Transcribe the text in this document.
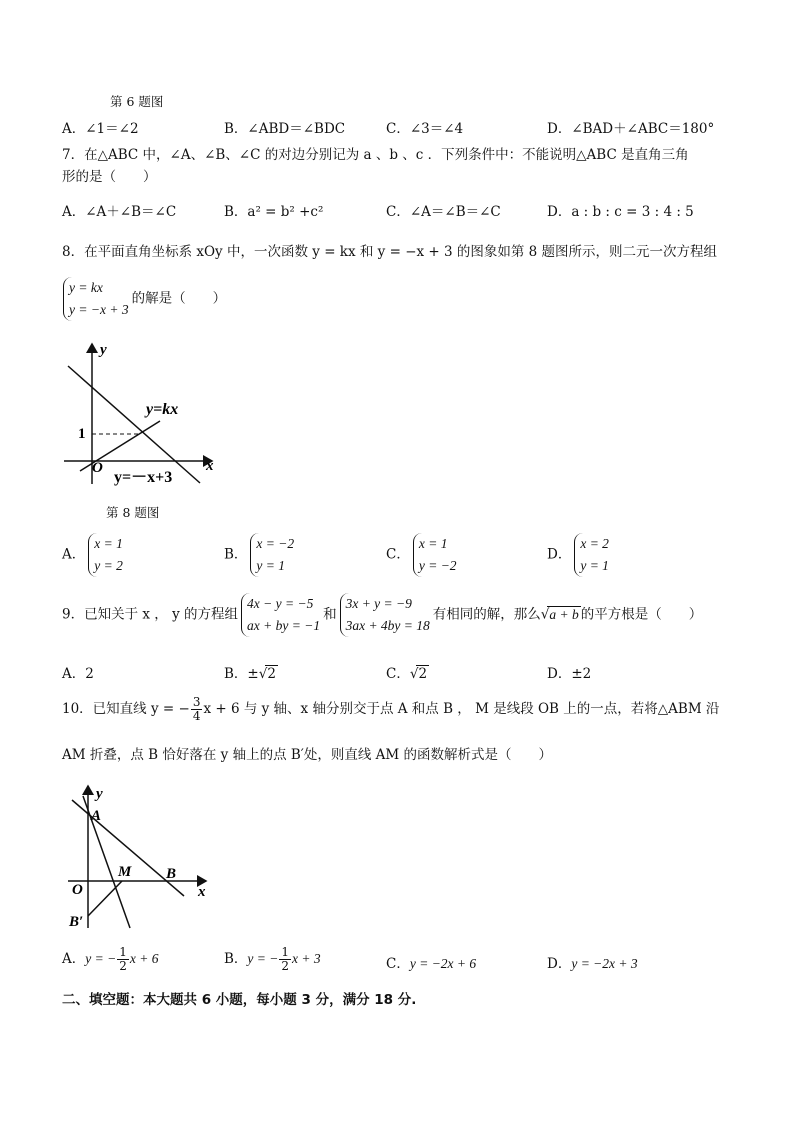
第 6 题图
A．∠1＝∠2	B．∠ABD＝∠BDC	C．∠3＝∠4	D．∠BAD＋∠ABC＝180°
7．在△ABC 中，∠A、∠B、∠C 的对边分别记为 a 、b 、c ．下列条件中：不能说明△ABC 是直角三角
形的是（　　）
A．∠A＋∠B＝∠C	B．a² = b² +c²	C．∠A＝∠B＝∠C	D．a : b : c = 3 : 4 : 5
8．在平面直角坐标系 xOy 中，一次函数 y = kx 和 y = −x + 3 的图象如第 8 题图所示，则二元一次方程组
y = kx
y = −x + 3
的解是（　　）
y
x
O
1
y=kx
y=－x+3
第 8 题图
A．
x = 1
y = 2
B．
x = −2
y = 1
C．
x = 1
y = −2
D．
x = 2
y = 1
9．已知关于 x ， y 的方程组
4x − y = −5
ax + by = −1
和
3x + y = −9
3ax + 4by = 18
有相同的解，那么√a + b 的平方根是（　　）
A．2	B．±√2	C．√2	D．±2
10．已知直线 y = − $\frac{3}{4}$ x + 6 与 y 轴、x 轴分别交于点 A 和点 B ， M 是线段 OB 上的一点，若将△ABM 沿
AM 折叠，点 B 恰好落在 y 轴上的点 B′处，则直线 AM 的函数解析式是（　　）
y
x
A
B
M
O
B′
A．y = − $\frac{1}{2}$ x + 6	B．y = − $\frac{1}{2}$ x + 3	C．y = −2x + 6	D．y = −2x + 3
二、填空题：本大题共 6 小题，每小题 3 分，满分 18 分.
